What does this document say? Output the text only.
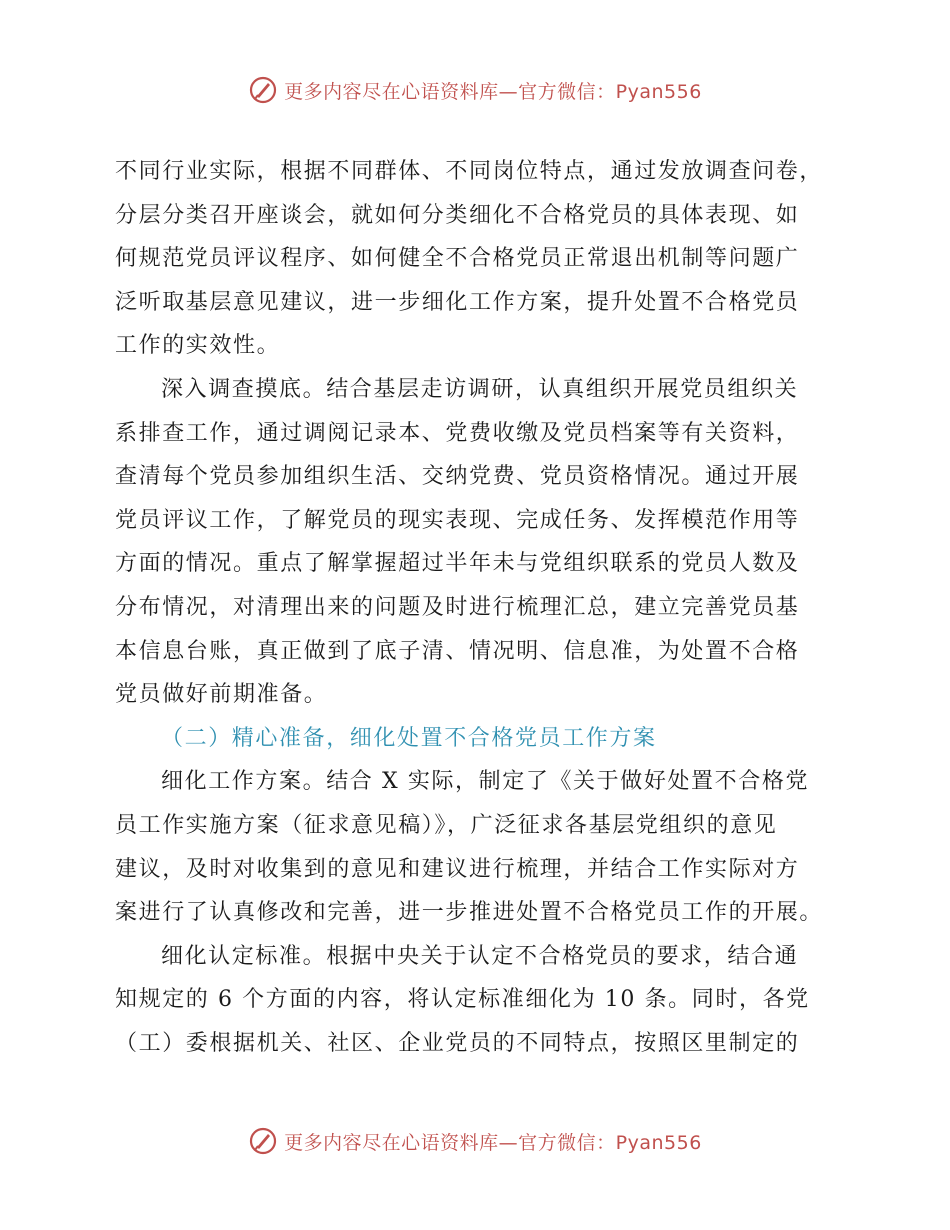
更多内容尽在心语资料库—官方微信：Pyan556

不同行业实际，根据不同群体、不同岗位特点，通过发放调查问卷，
分层分类召开座谈会，就如何分类细化不合格党员的具体表现、如
何规范党员评议程序、如何健全不合格党员正常退出机制等问题广
泛听取基层意见建议，进一步细化工作方案，提升处置不合格党员
工作的实效性。

深入调查摸底。结合基层走访调研，认真组织开展党员组织关
系排查工作，通过调阅记录本、党费收缴及党员档案等有关资料，
查清每个党员参加组织生活、交纳党费、党员资格情况。通过开展
党员评议工作，了解党员的现实表现、完成任务、发挥模范作用等
方面的情况。重点了解掌握超过半年未与党组织联系的党员人数及
分布情况，对清理出来的问题及时进行梳理汇总，建立完善党员基
本信息台账，真正做到了底子清、情况明、信息准，为处置不合格
党员做好前期准备。

（二）精心准备，细化处置不合格党员工作方案

细化工作方案。结合 X 实际，制定了《关于做好处置不合格党
员工作实施方案（征求意见稿）》，广泛征求各基层党组织的意见
建议，及时对收集到的意见和建议进行梳理，并结合工作实际对方
案进行了认真修改和完善，进一步推进处置不合格党员工作的开展。

细化认定标准。根据中央关于认定不合格党员的要求，结合通
知规定的 6 个方面的内容，将认定标准细化为 10 条。同时，各党
（工）委根据机关、社区、企业党员的不同特点，按照区里制定的

更多内容尽在心语资料库—官方微信：Pyan556
